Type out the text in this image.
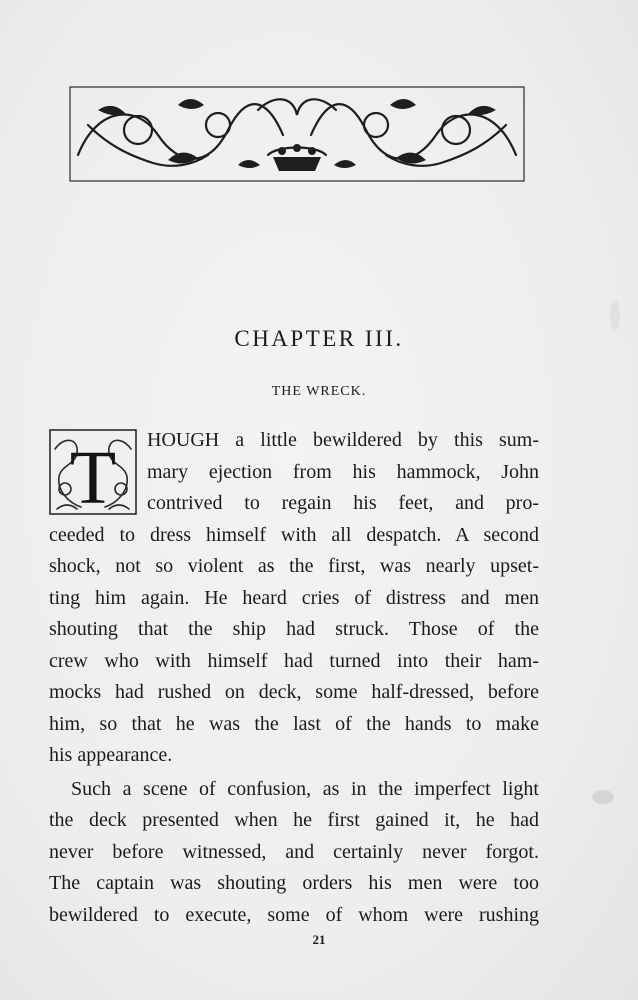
CHAPTER III.
THE WRECK.
T	HOUGH a little bewildered by this sum-

mary ejection from his hammock, John

contrived to regain his feet, and pro-

ceeded to dress himself with all despatch. A second

shock, not so violent as the first, was nearly upset-

ting him again. He heard cries of distress and men

shouting that the ship had struck. Those of the

crew who with himself had turned into their ham-

mocks had rushed on deck, some half-dressed, before

him, so that he was the last of the hands to make

his appearance.

Such a scene of confusion, as in the imperfect light

the deck presented when he first gained it, he had

never before witnessed, and certainly never forgot.

The captain was shouting orders his men were too

bewildered to execute, some of whom were rushing

21
